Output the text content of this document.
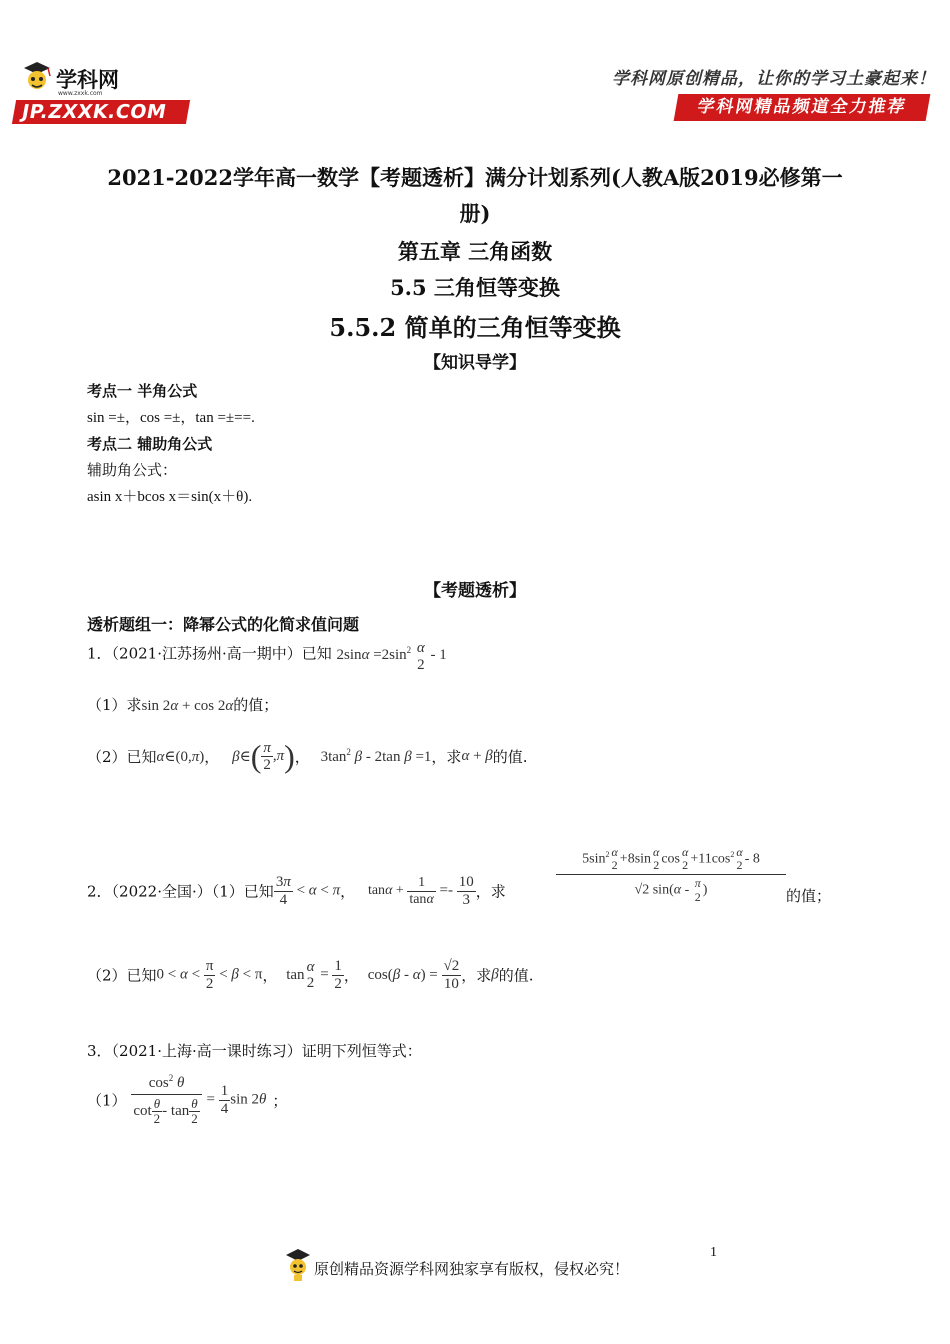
学科网
www.zxxk.com
JP.ZXXK.COM
学科网原创精品，让你的学习土豪起来！
学科网精品频道全力推荐
2021-2022学年高一数学【考题透析】满分计划系列(人教A版2019必修第一
册)
第五章 三角函数
5.5 三角恒等变换
5.5.2 简单的三角恒等变换
【知识导学】
考点一 半角公式
sin =±，cos =±，tan =±==.
考点二 辅助角公式
辅助角公式：
asin x＋bcos x＝sin(x＋θ).
【考题透析】
透析题组一：降幂公式的化简求值问题
1．（2021·江苏扬州·高一期中）已知 $2\sin\alpha =2\sin^2$ α
2
- 1
（1）求sin 2α + cos 2α的值；
（2）已知α∈(0,π)， β∈( $\frac{\pi}{2} ,\pi$)， $3\tan^2$ β - 2tan β =1，求α + β的值.
2．（2022·全国·）（1）已知 $\frac{3\pi}{4} < \alpha < \pi$， $\tan\alpha + \frac{1}{\tan\alpha} =- \frac{10}{3}$ ，求
$5\sin^2$ α
2 +8sin α
2 cos α
$2 +11\cos^2$ α
2 - 8
√2 sin(α - π
2 )	的值；
（2）已知$0 < \alpha < \frac{\pi}{2} < \beta < \pi$， tan α
2
= $\frac{1}{2}$ ， $\cos(\beta - \alpha) = \frac{√2}{10}$ ，求β的值.
3．（2021·上海·高一课时练习）证明下列恒等式：
$(1) \frac{\cos^2 \theta}{\cot \frac{\theta}{2} - \tan \frac{\theta}{2}} = \frac{1}{4}$ sin 2θ ；
1
原创精品资源学科网独家享有版权，侵权必究！
